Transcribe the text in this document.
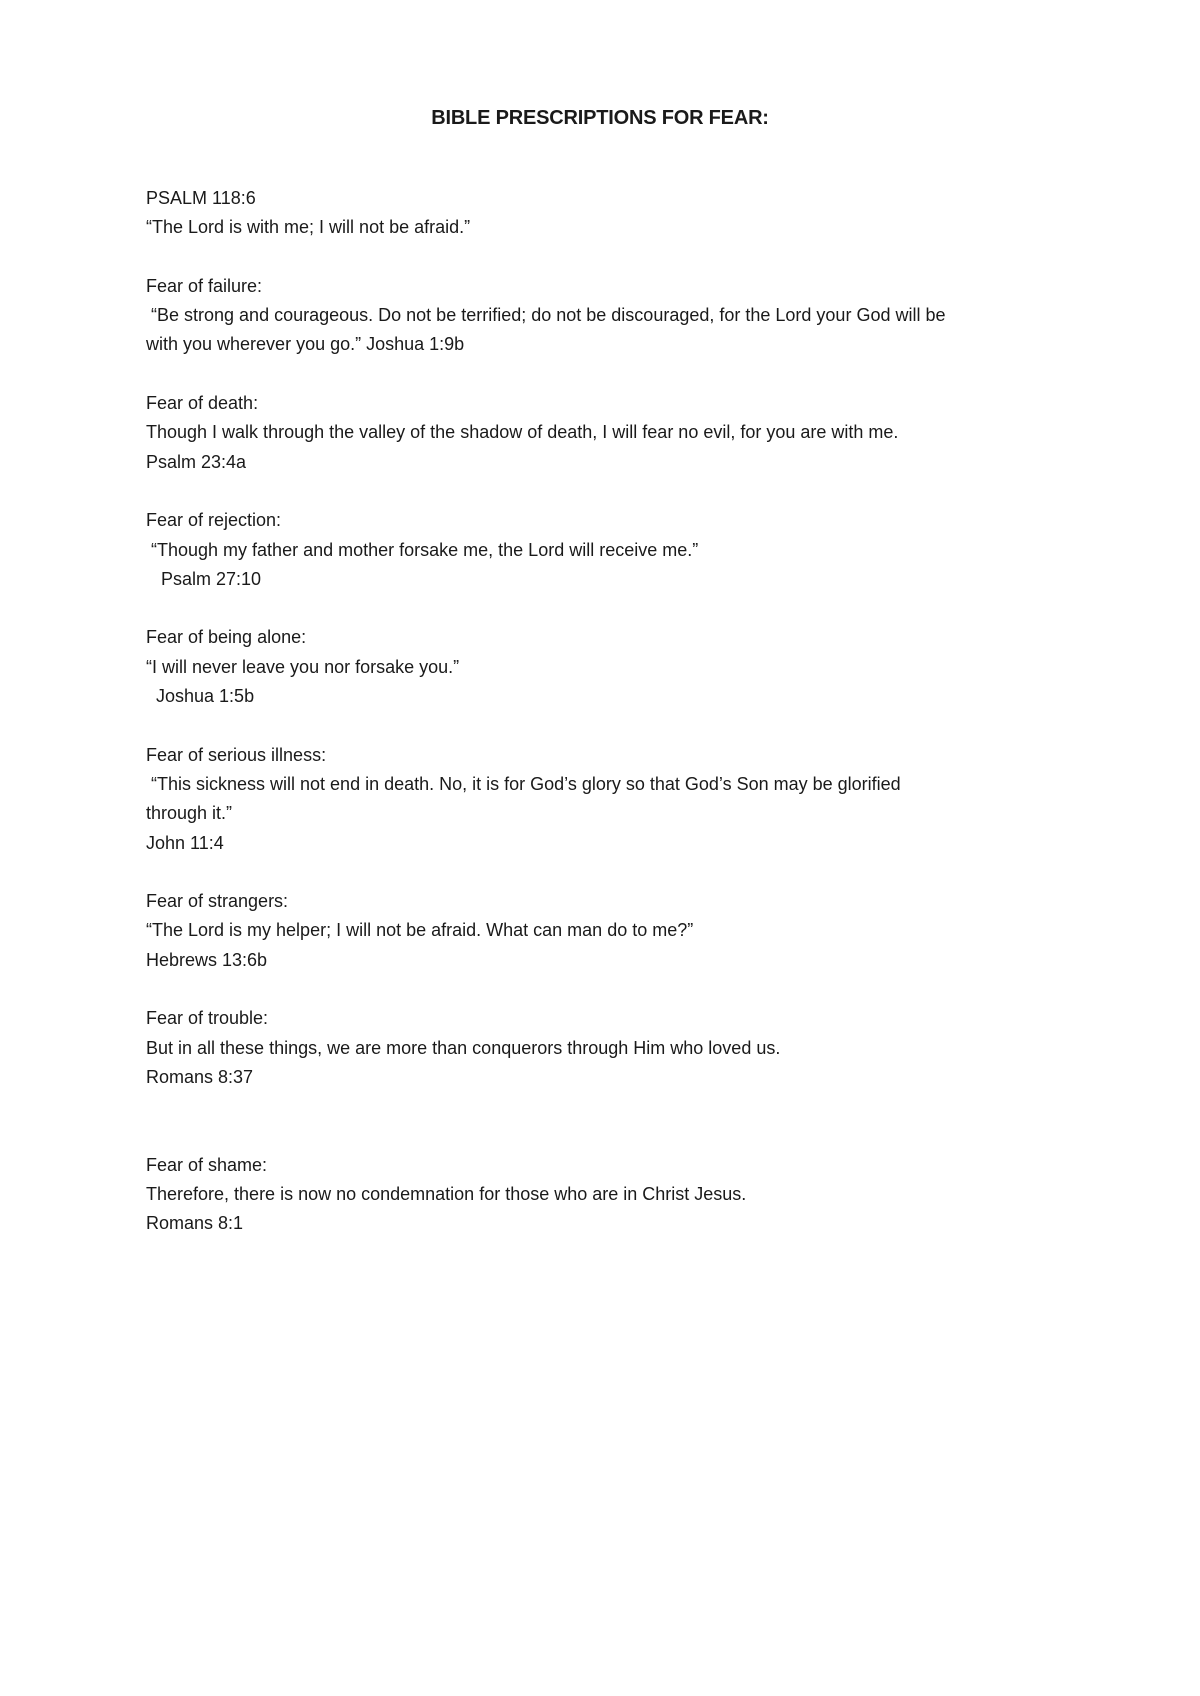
BIBLE PRESCRIPTIONS FOR FEAR:
PSALM 118:6
“The Lord is with me; I will not be afraid.”
Fear of failure:
“Be strong and courageous. Do not be terrified; do not be discouraged, for the Lord your God will be
with you wherever you go.” Joshua 1:9b
Fear of death:
Though I walk through the valley of the shadow of death, I will fear no evil, for you are with me.
Psalm 23:4a
Fear of rejection:
“Though my father and mother forsake me, the Lord will receive me.”
Psalm 27:10
Fear of being alone:
“I will never leave you nor forsake you.”
Joshua 1:5b
Fear of serious illness:
“This sickness will not end in death. No, it is for God’s glory so that God’s Son may be glorified
through it.”
John 11:4
Fear of strangers:
“The Lord is my helper; I will not be afraid. What can man do to me?”
Hebrews 13:6b
Fear of trouble:
But in all these things, we are more than conquerors through Him who loved us.
Romans 8:37
Fear of shame:
Therefore, there is now no condemnation for those who are in Christ Jesus.
Romans 8:1
